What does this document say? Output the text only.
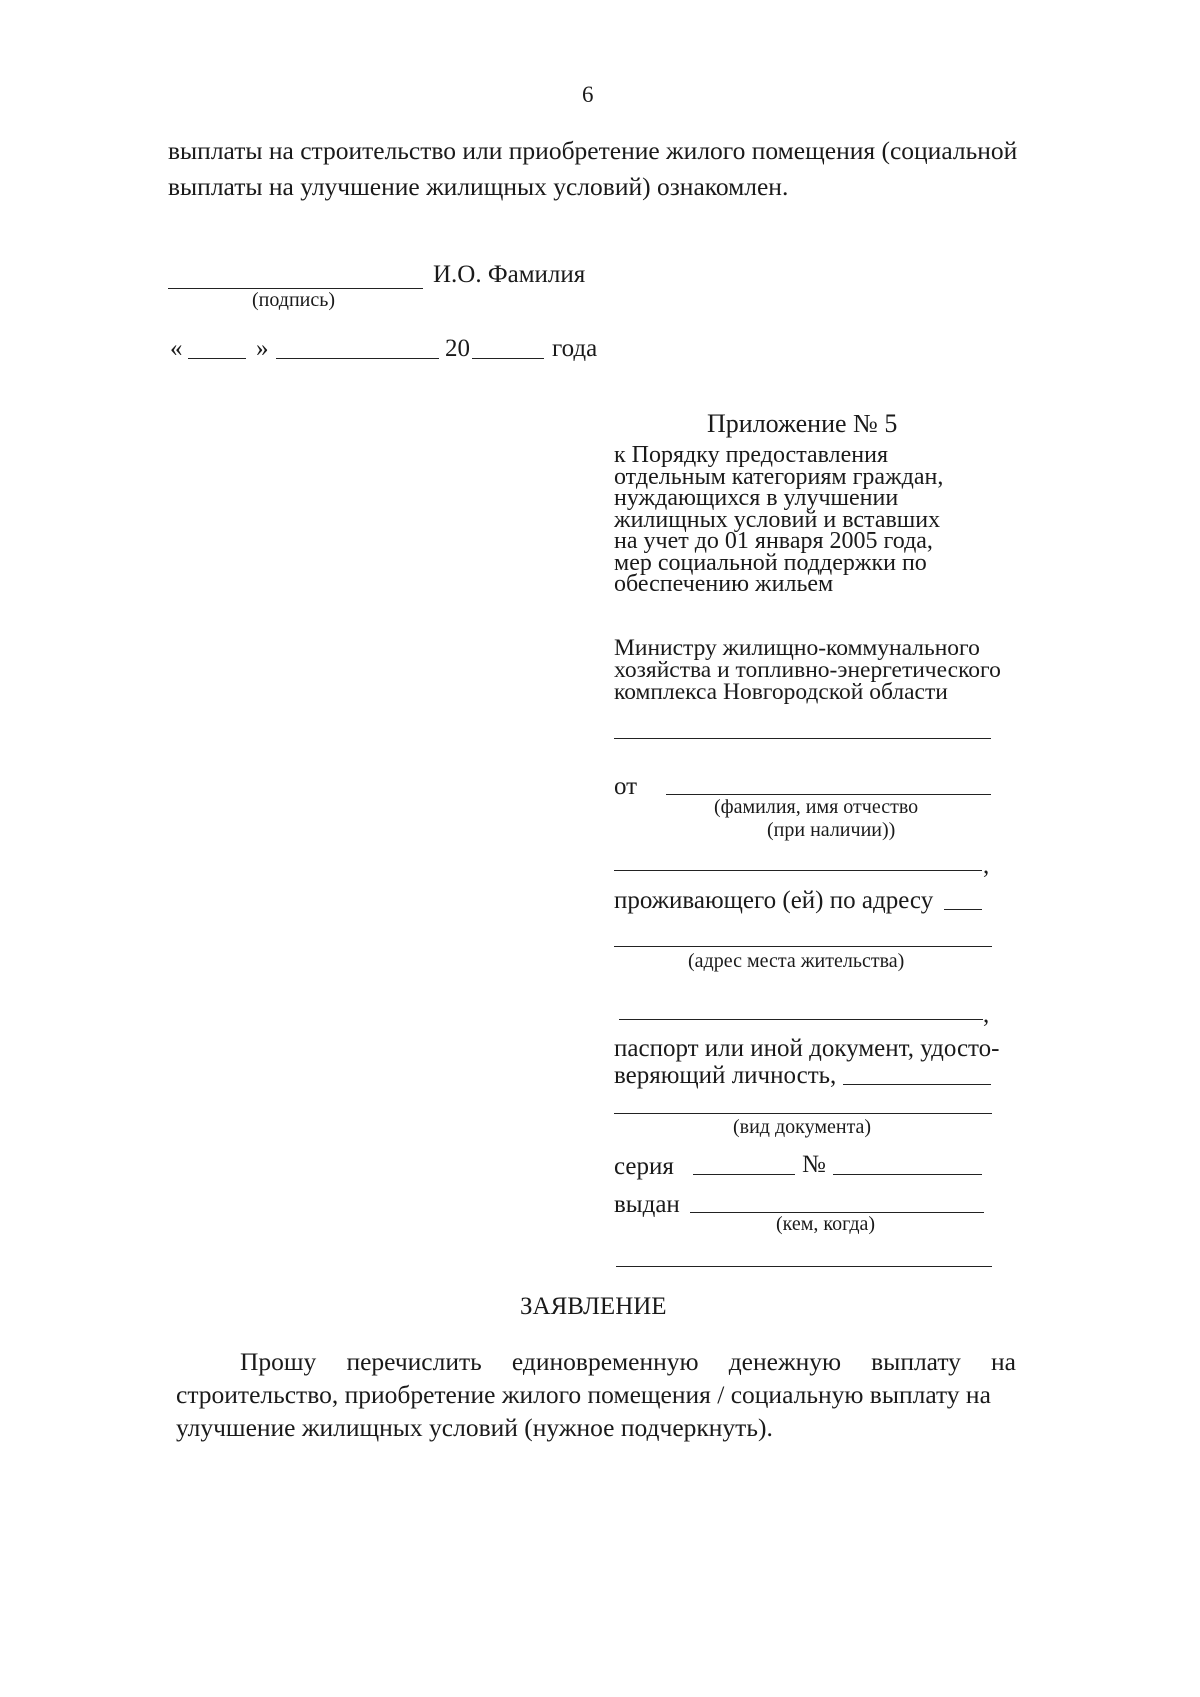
6
выплаты на строительство или приобретение жилого помещения (социальной
выплаты на улучшение жилищных условий) ознакомлен.
И.О. Фамилия
(подпись)
«	»	20	года
Приложение № 5
к Порядку предоставления
отдельным категориям граждан,
нуждающихся в улучшении
жилищных условий и вставших
на учет до 01 января 2005 года,
мер социальной поддержки по
обеспечению жильем
Министру жилищно-коммунального
хозяйства и топливно-энергетического
комплекса Новгородской области
от
(фамилия, имя отчество
(при наличии))
,
проживающего (ей) по адресу
(адрес места жительства)
,
паспорт или иной документ, удосто-
веряющий личность,
(вид документа)
серия	№
выдан
(кем, когда)
ЗАЯВЛЕНИЕ
Прошу перечислить единовременную денежную выплату на
строительство, приобретение жилого помещения / социальную выплату на
улучшение жилищных условий (нужное подчеркнуть).
